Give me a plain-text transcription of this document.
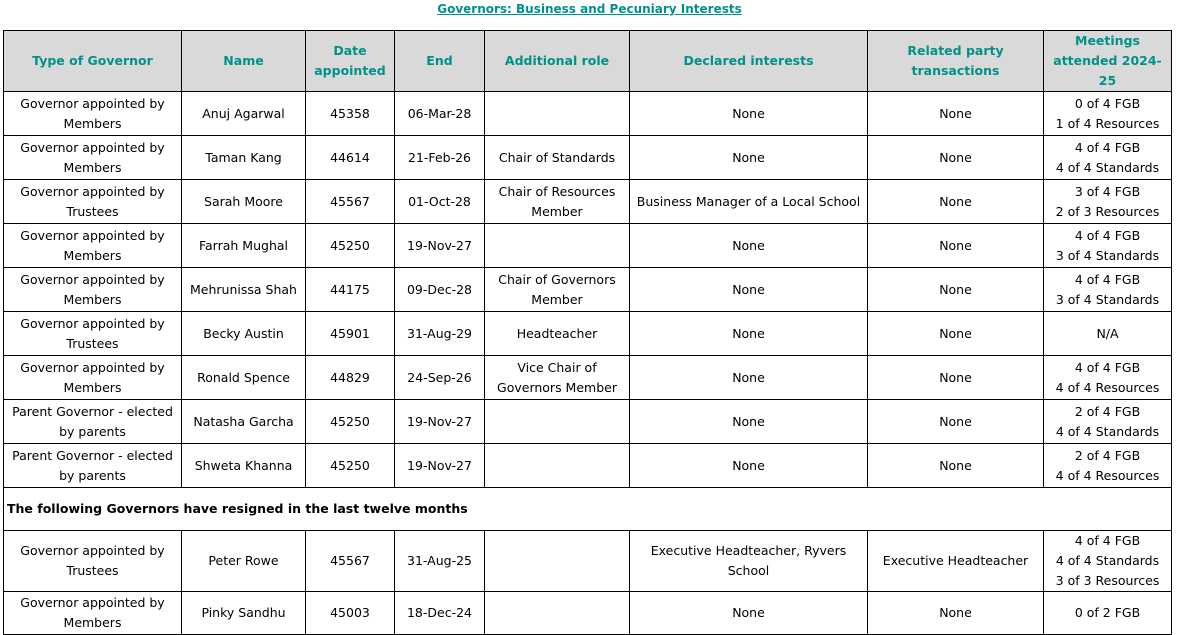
Governors: Business and Pecuniary Interests
Type of Governor	Name	Date appointed	End	Additional role	Declared interests	Related party transactions	Meetings attended 2024-25
Governor appointed by Members	Anuj Agarwal	45358	06-Mar-28		None	None	0 of 4 FGB
1 of 4 Resources
Governor appointed by Members	Taman Kang	44614	21-Feb-26	Chair of Standards	None	None	4 of 4 FGB
4 of 4 Standards
Governor appointed by Trustees	Sarah Moore	45567	01-Oct-28	Chair of Resources
Member	Business Manager of a Local School	None	3 of 4 FGB
2 of 3 Resources
Governor appointed by Members	Farrah Mughal	45250	19-Nov-27		None	None	4 of 4 FGB
3 of 4 Standards
Governor appointed by Members	Mehrunissa Shah	44175	09-Dec-28	Chair of Governors
Member	None	None	4 of 4 FGB
3 of 4 Standards
Governor appointed by Trustees	Becky Austin	45901	31-Aug-29	Headteacher	None	None	N/A
Governor appointed by Members	Ronald Spence	44829	24-Sep-26	Vice Chair of
Governors Member	None	None	4 of 4 FGB
4 of 4 Resources
Parent Governor - elected by parents	Natasha Garcha	45250	19-Nov-27		None	None	2 of 4 FGB
4 of 4 Standards
Parent Governor - elected by parents	Shweta Khanna	45250	19-Nov-27		None	None	2 of 4 FGB
4 of 4 Resources
The following Governors have resigned in the last twelve months							
Governor appointed by Trustees	Peter Rowe	45567	31-Aug-25		Executive Headteacher, Ryvers School	Executive Headteacher	4 of 4 FGB
4 of 4 Standards
3 of 3 Resources
Governor appointed by Members	Pinky Sandhu	45003	18-Dec-24		None	None	0 of 2 FGB
